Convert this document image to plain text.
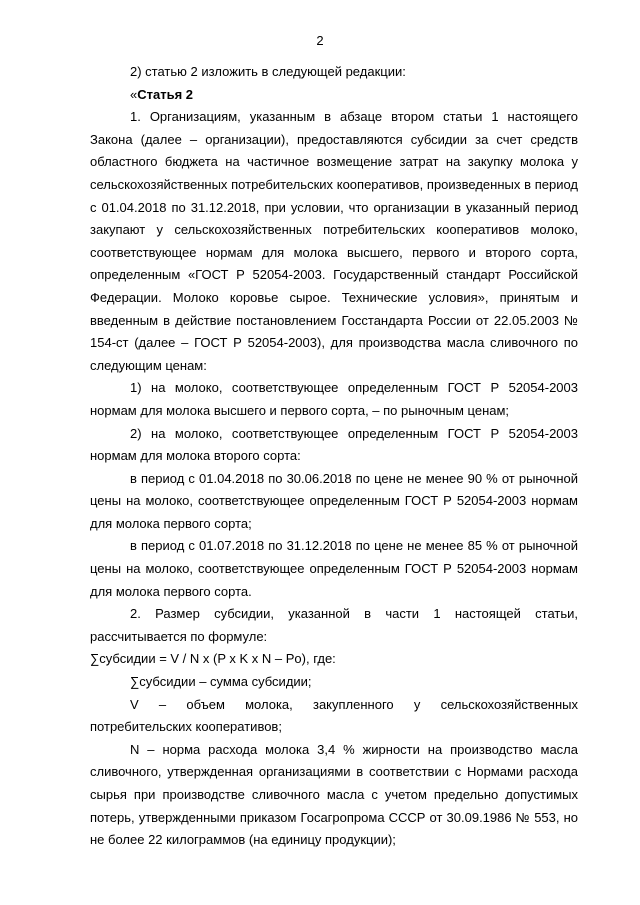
2

2) статью 2 изложить в следующей редакции:

«Статья 2

1. Организациям, указанным в абзаце втором статьи 1 настоящего Закона (далее – организации), предоставляются субсидии за счет средств областного бюджета на частичное возмещение затрат на закупку молока у сельскохозяйственных потребительских кооперативов, произведенных в период с 01.04.2018 по 31.12.2018, при условии, что организации в указанный период закупают у сельскохозяйственных потребительских кооперативов молоко, соответствующее нормам для молока высшего, первого и второго сорта, определенным «ГОСТ Р 52054-2003. Государственный стандарт Российской Федерации. Молоко коровье сырое. Технические условия», принятым и введенным в действие постановлением Госстандарта России от 22.05.2003 № 154-ст (далее – ГОСТ Р 52054-2003), для производства масла сливочного по следующим ценам:

1) на молоко, соответствующее определенным ГОСТ Р 52054-2003 нормам для молока высшего и первого сорта, – по рыночным ценам;

2) на молоко, соответствующее определенным ГОСТ Р 52054-2003 нормам для молока второго сорта:

в период с 01.04.2018 по 30.06.2018 по цене не менее 90 % от рыночной цены на молоко, соответствующее определенным ГОСТ Р 52054-2003 нормам для молока первого сорта;

в период с 01.07.2018 по 31.12.2018 по цене не менее 85 % от рыночной цены на молоко, соответствующее определенным ГОСТ Р 52054-2003 нормам для молока первого сорта.

2. Размер субсидии, указанной в части 1 настоящей статьи, рассчитывается по формуле:

∑субсидии = V / N x (P x K x N – Po), где:

∑субсидии – сумма субсидии;

V – объем молока, закупленного у сельскохозяйственных потребительских кооперативов;

N – норма расхода молока 3,4 % жирности на производство масла сливочного, утвержденная организациями в соответствии с Нормами расхода сырья при производстве сливочного масла с учетом предельно допустимых потерь, утвержденными приказом Госагропрома СССР от 30.09.1986 № 553, но не более 22 килограммов (на единицу продукции);
